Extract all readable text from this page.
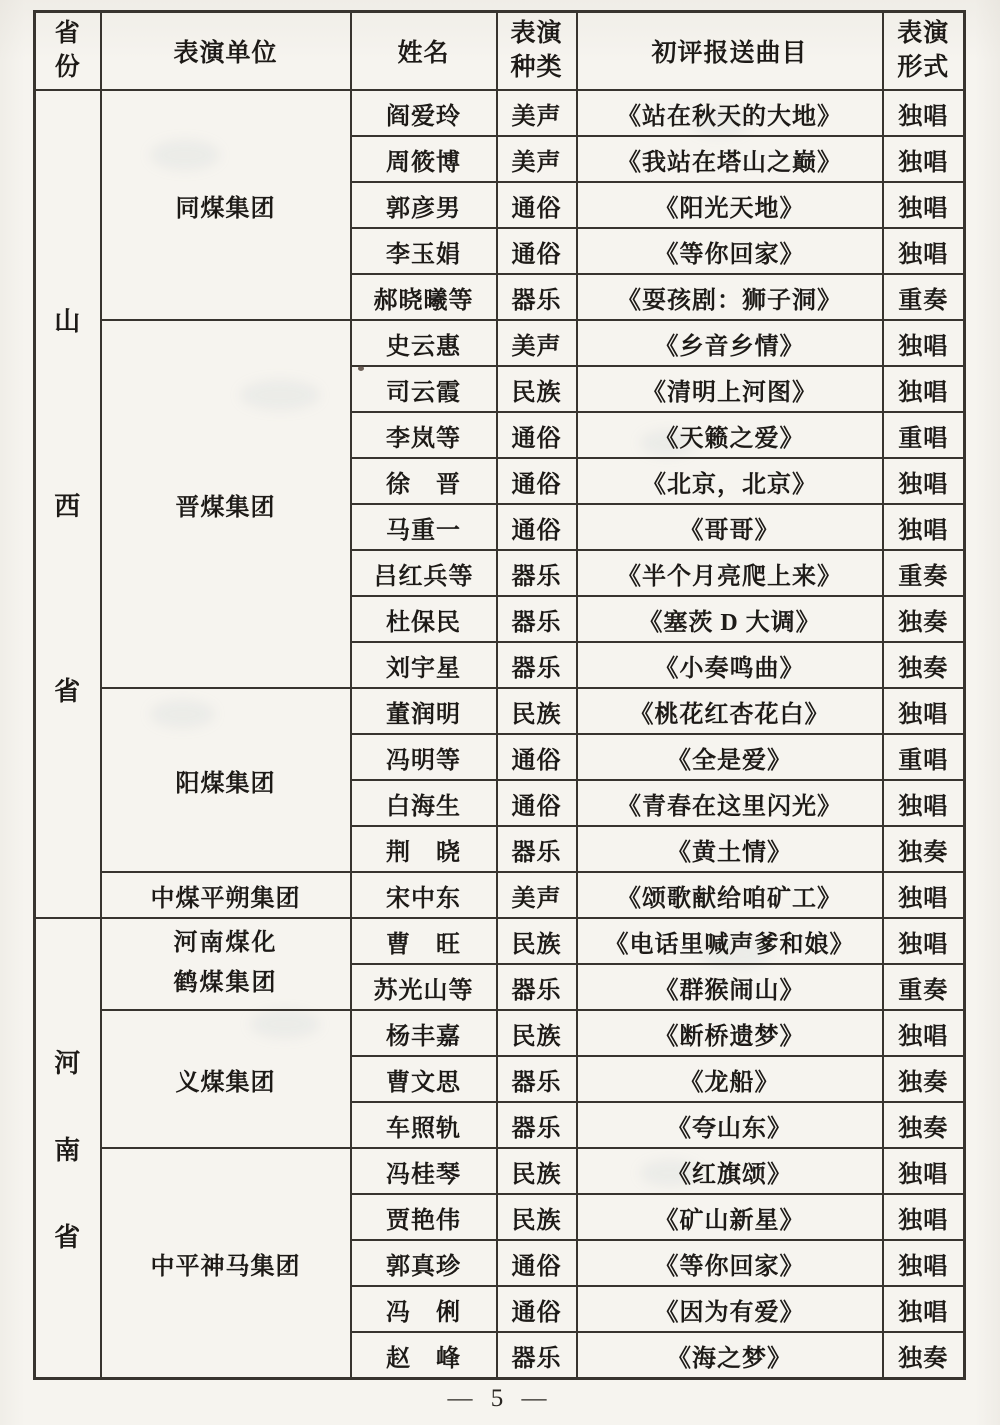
省份	表演单位	姓名	表演种类	初评报送曲目	表演形式

山
西
省	同煤集团	阎爱玲	美声	《站在秋天的大地》	独唱
		周筱博	美声	《我站在塔山之巅》	独唱
		郭彦男	通俗	《阳光天地》	独唱
		李玉娟	通俗	《等你回家》	独唱
		郝晓曦等	器乐	《耍孩剧：狮子洞》	重奏
	晋煤集团	史云惠	美声	《乡音乡情》	独唱
		司云霞	民族	《清明上河图》	独唱
		李岚等	通俗	《天籁之爱》	重唱
		徐　晋	通俗	《北京，北京》	独唱
		马重一	通俗	《哥哥》	独唱
		吕红兵等	器乐	《半个月亮爬上来》	重奏
		杜保民	器乐	《塞茨 D 大调》	独奏
		刘宇星	器乐	《小奏鸣曲》	独奏
	阳煤集团	董润明	民族	《桃花红杏花白》	独唱
		冯明等	通俗	《全是爱》	重唱
		白海生	通俗	《青春在这里闪光》	独唱
		荆　晓	器乐	《黄土情》	独奏
	中煤平朔集团	宋中东	美声	《颂歌献给咱矿工》	独唱

河
南
省	河南煤化鹤煤集团	曹　旺	民族	《电话里喊声爹和娘》	独唱
		苏光山等	器乐	《群猴闹山》	重奏
	义煤集团	杨丰嘉	民族	《断桥遗梦》	独唱
		曹文思	器乐	《龙船》	独奏
		车照轨	器乐	《夸山东》	独奏
	中平神马集团	冯桂琴	民族	《红旗颂》	独唱
		贾艳伟	民族	《矿山新星》	独唱
		郭真珍	通俗	《等你回家》	独唱
		冯　俐	通俗	《因为有爱》	独唱
		赵　峰	器乐	《海之梦》	独奏
— 5 —
